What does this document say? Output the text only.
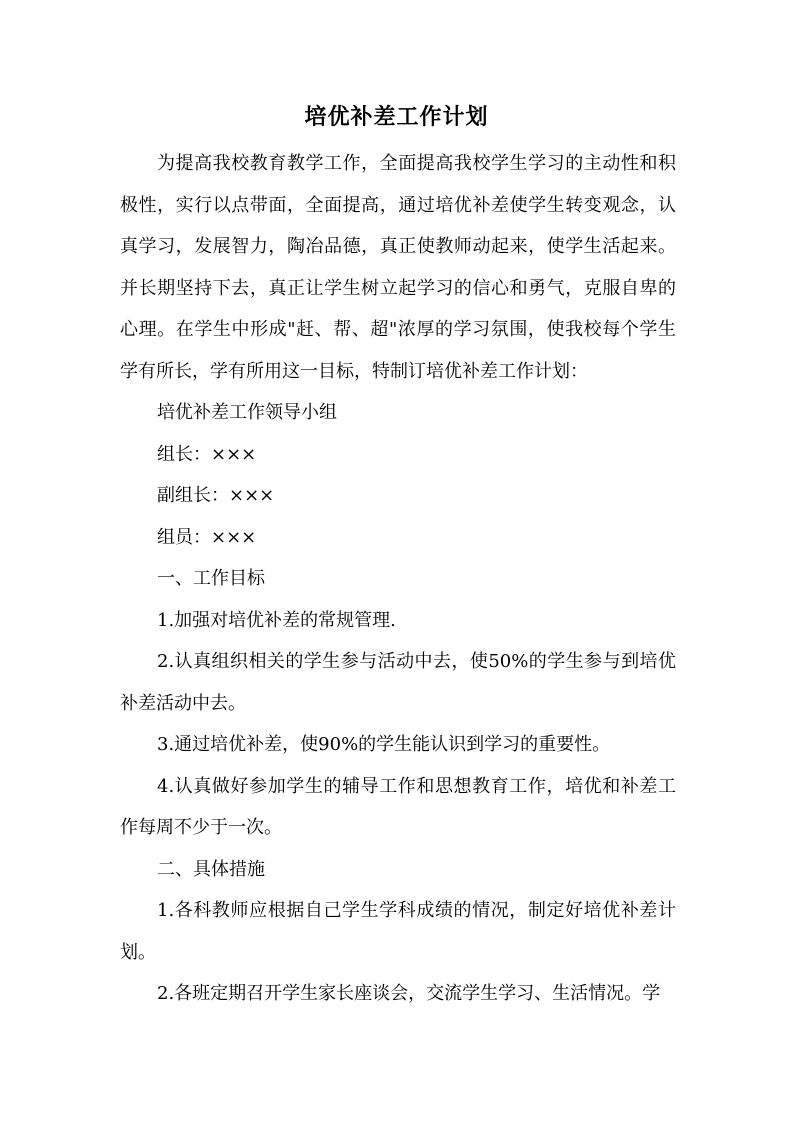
培优补差工作计划

为提高我校教育教学工作，全面提高我校学生学习的主动性和积极性，实行以点带面，全面提高，通过培优补差使学生转变观念，认真学习，发展智力，陶冶品德，真正使教师动起来，使学生活起来。并长期坚持下去，真正让学生树立起学习的信心和勇气，克服自卑的心理。在学生中形成"赶、帮、超"浓厚的学习氛围，使我校每个学生学有所长，学有所用这一目标，特制订培优补差工作计划：

培优补差工作领导小组

组长：×××

副组长：×××

组员：×××

一、工作目标

1.加强对培优补差的常规管理.

2.认真组织相关的学生参与活动中去，使50%的学生参与到培优补差活动中去。

3.通过培优补差，使90%的学生能认识到学习的重要性。

4.认真做好参加学生的辅导工作和思想教育工作，培优和补差工作每周不少于一次。

二、具体措施

1.各科教师应根据自己学生学科成绩的情况，制定好培优补差计划。

2.各班定期召开学生家长座谈会，交流学生学习、生活情况。学
